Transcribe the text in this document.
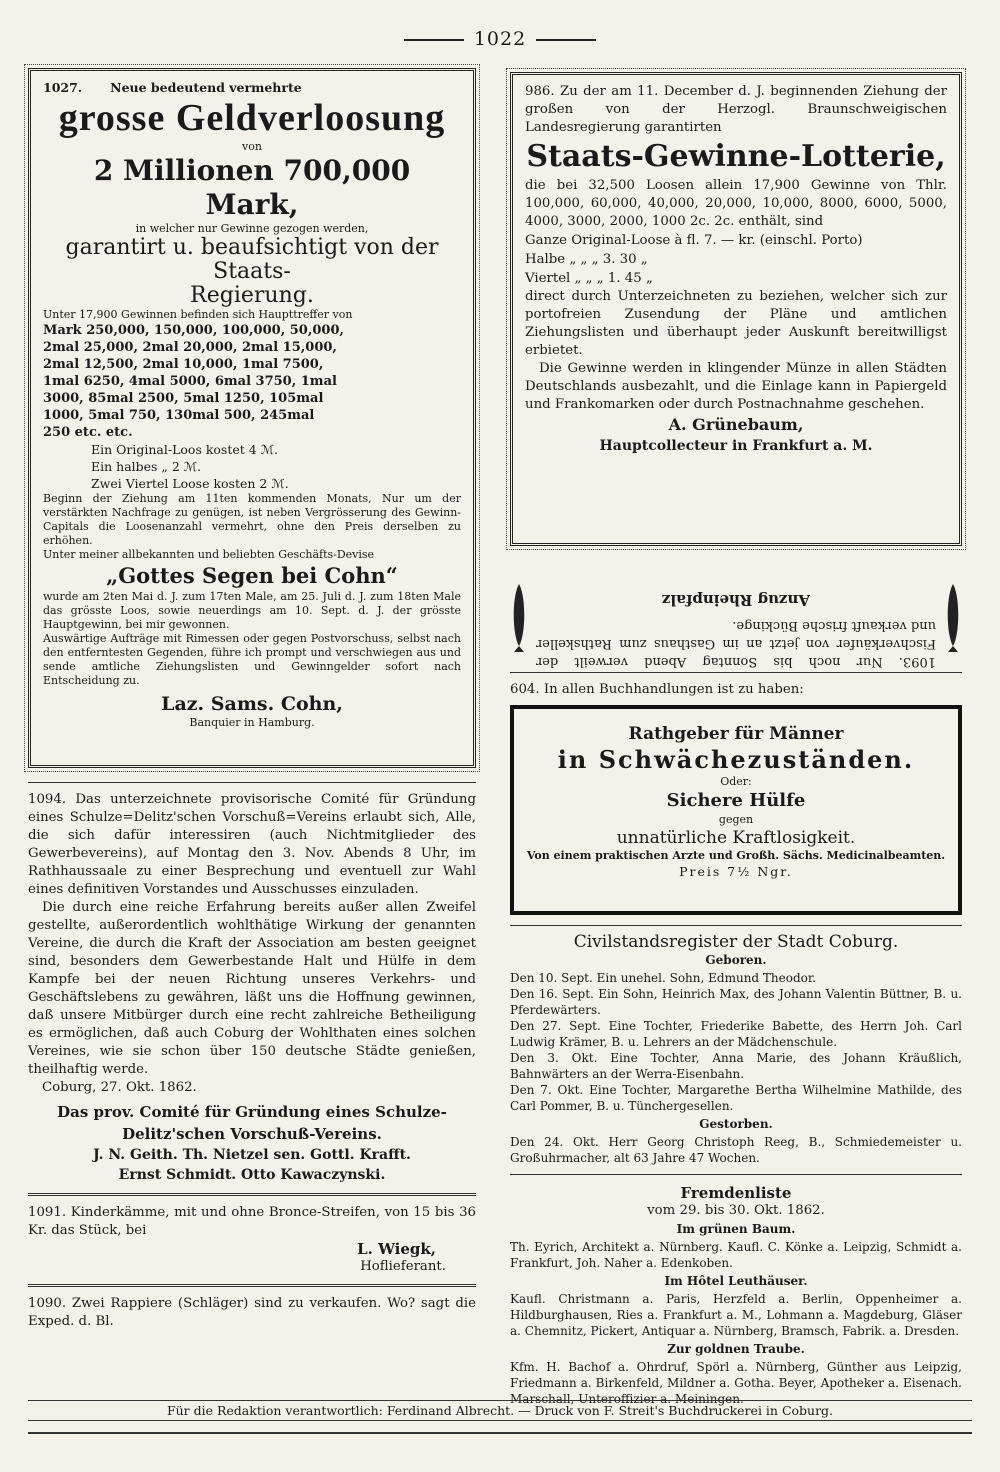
1022

1027. Neue bedeutend vermehrte

grosse Geldverloosung

von

2 Millionen 700,000 Mark,

in welcher nur Gewinne gezogen werden,

garantirt u. beaufsichtigt von der Staats-

Regierung.

Unter 17,900 Gewinnen befinden sich Haupttreffer von

Mark 250,000, 150,000, 100,000, 50,000,

2mal 25,000, 2mal 20,000, 2mal 15,000,

2mal 12,500, 2mal 10,000, 1mal 7500,

1mal 6250, 4mal 5000, 6mal 3750, 1mal

3000, 85mal 2500, 5mal 1250, 105mal

1000, 5mal 750, 130mal 500, 245mal

250 etc. etc.

Ein Original-Loos kostet 4 ℳ.

Ein halbes „ 2 ℳ.

Zwei Viertel Loose kosten 2 ℳ.

Beginn der Ziehung am 11ten kommenden Monats, Nur um der verstärkten Nachfrage zu genügen, ist neben Vergrösserung des Gewinn-Capitals die Loosenanzahl vermehrt, ohne den Preis derselben zu erhöhen.

Unter meiner allbekannten und beliebten Geschäfts-Devise

„Gottes Segen bei Cohn“

wurde am 2ten Mai d. J. zum 17ten Male, am 25. Juli d. J. zum 18ten Male das grösste Loos, sowie neuerdings am 10. Sept. d. J. der grösste Hauptgewinn, bei mir gewonnen.

Auswärtige Aufträge mit Rimessen oder gegen Postvorschuss, selbst nach den entferntesten Gegenden, führe ich prompt und verschwiegen aus und sende amtliche Ziehungslisten und Gewinngelder sofort nach Entscheidung zu.

Laz. Sams. Cohn,

Banquier in Hamburg.

1094. Das unterzeichnete provisorische Comité für Gründung eines Schulze=Delitz'schen Vorschuß=Vereins erlaubt sich, Alle, die sich dafür interessiren (auch Nichtmitglieder des Gewerbevereins), auf Montag den 3. Nov. Abends 8 Uhr, im Rathhaussaale zu einer Besprechung und eventuell zur Wahl eines definitiven Vorstandes und Ausschusses einzuladen.

Die durch eine reiche Erfahrung bereits außer allen Zweifel gestellte, außerordentlich wohlthätige Wirkung der genannten Vereine, die durch die Kraft der Association am besten geeignet sind, besonders dem Gewerbestande Halt und Hülfe in dem Kampfe bei der neuen Richtung unseres Verkehrs- und Geschäftslebens zu gewähren, läßt uns die Hoffnung gewinnen, daß unsere Mitbürger durch eine recht zahlreiche Betheiligung es ermöglichen, daß auch Coburg der Wohlthaten eines solchen Vereines, wie sie schon über 150 deutsche Städte genießen, theilhaftig werde.

Coburg, 27. Okt. 1862.

Das prov. Comité für Gründung eines Schulze-

Delitz'schen Vorschuß-Vereins.

J. N. Geith. Th. Nietzel sen. Gottl. Krafft.

Ernst Schmidt. Otto Kawaczynski.

1091. Kinderkämme, mit und ohne Bronce-Streifen, von 15 bis 36 Kr. das Stück, bei

L. Wiegk,

Hoflieferant.

1090. Zwei Rappiere (Schläger) sind zu verkaufen. Wo? sagt die Exped. d. Bl.

986. Zu der am 11. December d. J. beginnenden Ziehung der großen von der Herzogl. Braunschweigischen Landesregierung garantirten

Staats-Gewinne-Lotterie,

die bei 32,500 Loosen allein 17,900 Gewinne von Thlr. 100,000, 60,000, 40,000, 20,000, 10,000, 8000, 6000, 5000, 4000, 3000, 2000, 1000 2c. 2c. enthält, sind

Ganze Original-Loose à fl. 7. — kr. (einschl. Porto)

Halbe „ „ „ 3. 30 „

Viertel „ „ „ 1. 45 „

direct durch Unterzeichneten zu beziehen, welcher sich zur portofreien Zusendung der Pläne und amtlichen Ziehungslisten und überhaupt jeder Auskunft bereitwilligst erbietet.

Die Gewinne werden in klingender Münze in allen Städten Deutschlands ausbezahlt, und die Einlage kann in Papiergeld und Frankomarken oder durch Postnachnahme geschehen.

A. Grünebaum,

Hauptcollecteur in Frankfurt a. M.

1093. Nur noch bis Sonntag Abend verweilt der Fischverkäufer von jetzt an im Gasthaus zum Rathskeller und verkauft frische Bückinge.

Anzug Rheinpfalz

604. In allen Buchhandlungen ist zu haben:

Rathgeber für Männer

in Schwächezuständen.

Oder:

Sichere Hülfe

gegen

unnatürliche Kraftlosigkeit.

Von einem praktischen Arzte und Großh. Sächs. Medicinalbeamten.

Preis 7½ Ngr.

Civilstandsregister der Stadt Coburg.

Geboren.

Den 10. Sept. Ein unehel. Sohn, Edmund Theodor.

Den 16. Sept. Ein Sohn, Heinrich Max, des Johann Valentin Büttner, B. u. Pferdewärters.

Den 27. Sept. Eine Tochter, Friederike Babette, des Herrn Joh. Carl Ludwig Krämer, B. u. Lehrers an der Mädchenschule.

Den 3. Okt. Eine Tochter, Anna Marie, des Johann Kräußlich, Bahnwärters an der Werra-Eisenbahn.

Den 7. Okt. Eine Tochter, Margarethe Bertha Wilhelmine Mathilde, des Carl Pommer, B. u. Tünchergesellen.

Gestorben.

Den 24. Okt. Herr Georg Christoph Reeg, B., Schmiedemeister u. Großuhrmacher, alt 63 Jahre 47 Wochen.

Fremdenliste

vom 29. bis 30. Okt. 1862.

Im grünen Baum.

Th. Eyrich, Architekt a. Nürnberg. Kaufl. C. Könke a. Leipzig, Schmidt a. Frankfurt, Joh. Naher a. Edenkoben.

Im Hôtel Leuthäuser.

Kaufl. Christmann a. Paris, Herzfeld a. Berlin, Oppenheimer a. Hildburghausen, Ries a. Frankfurt a. M., Lohmann a. Magdeburg, Gläser a. Chemnitz, Pickert, Antiquar a. Nürnberg, Bramsch, Fabrik. a. Dresden.

Zur goldnen Traube.

Kfm. H. Bachof a. Ohrdruf, Spörl a. Nürnberg, Günther aus Leipzig, Friedmann a. Birkenfeld, Mildner a. Gotha. Beyer, Apotheker a. Eisenach. Marschall, Unteroffizier a. Meiningen.

Für die Redaktion verantwortlich: Ferdinand Albrecht. — Druck von F. Streit's Buchdruckerei in Coburg.
